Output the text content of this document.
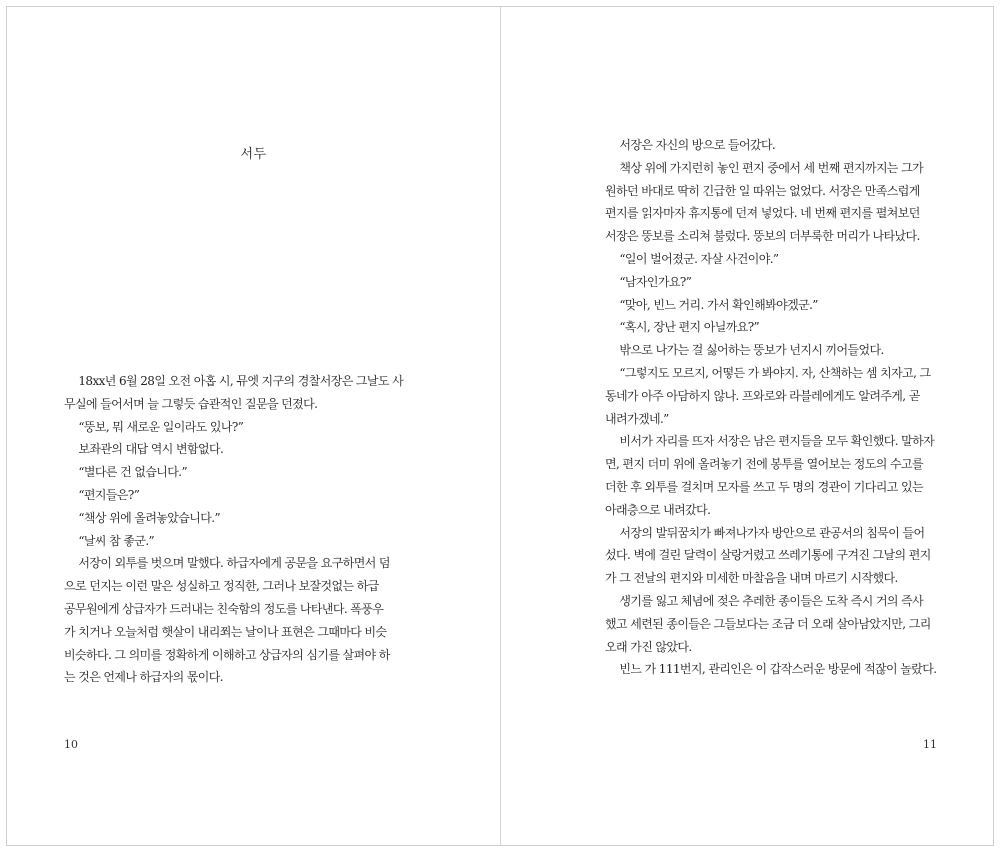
서두
18xx년 6월 28일 오전 아홉 시, 뮤엣 지구의 경찰서장은 그날도 사
무실에 들어서며 늘 그렇듯 습관적인 질문을 던졌다.
“뚱보, 뭐 새로운 일이라도 있나?”
보좌관의 대답 역시 변함없다.
“별다른 건 없습니다.”
“편지들은?”
“책상 위에 올려놓았습니다.”
“날씨 참 좋군.”
서장이 외투를 벗으며 말했다. 하급자에게 공문을 요구하면서 덤
으로 던지는 이런 말은 성실하고 정직한, 그러나 보잘것없는 하급
공무원에게 상급자가 드러내는 친숙함의 정도를 나타낸다. 폭풍우
가 치거나 오늘처럼 햇살이 내리쬐는 날이나 표현은 그때마다 비슷
비슷하다. 그 의미를 정확하게 이해하고 상급자의 심기를 살펴야 하
는 것은 언제나 하급자의 몫이다.
10
서장은 자신의 방으로 들어갔다.
책상 위에 가지런히 놓인 편지 중에서 세 번째 편지까지는 그가
원하던 바대로 딱히 긴급한 일 따위는 없었다. 서장은 만족스럽게
편지를 읽자마자 휴지통에 던져 넣었다. 네 번째 편지를 펼쳐보던
서장은 뚱보를 소리쳐 불렀다. 뚱보의 더부룩한 머리가 나타났다.
“일이 벌어졌군. 자살 사건이야.”
“남자인가요?”
“맞아, 빈느 거리. 가서 확인해봐야겠군.”
“혹시, 장난 편지 아닐까요?”
밖으로 나가는 걸 싫어하는 뚱보가 넌지시 끼어들었다.
“그렇지도 모르지, 어떻든 가 봐야지. 자, 산책하는 셈 치자고, 그
동네가 아주 아담하지 않나. 프와로와 라블레에게도 알려주게, 곧
내려가겠네.”
비서가 자리를 뜨자 서장은 남은 편지들을 모두 확인했다. 말하자
면, 편지 더미 위에 올려놓기 전에 봉투를 열어보는 정도의 수고를
더한 후 외투를 걸치며 모자를 쓰고 두 명의 경관이 기다리고 있는
아래층으로 내려갔다.
서장의 발뒤꿈치가 빠져나가자 방안으로 관공서의 침묵이 들어
섰다. 벽에 걸린 달력이 살랑거렸고 쓰레기통에 구겨진 그날의 편지
가 그 전날의 편지와 미세한 마찰음을 내며 마르기 시작했다.
생기를 잃고 체념에 젖은 추레한 종이들은 도착 즉시 거의 즉사
했고 세련된 종이들은 그들보다는 조금 더 오래 살아남았지만, 그리
오래 가진 않았다.
빈느 가 111번지, 관리인은 이 갑작스러운 방문에 적잖이 놀랐다.
11
